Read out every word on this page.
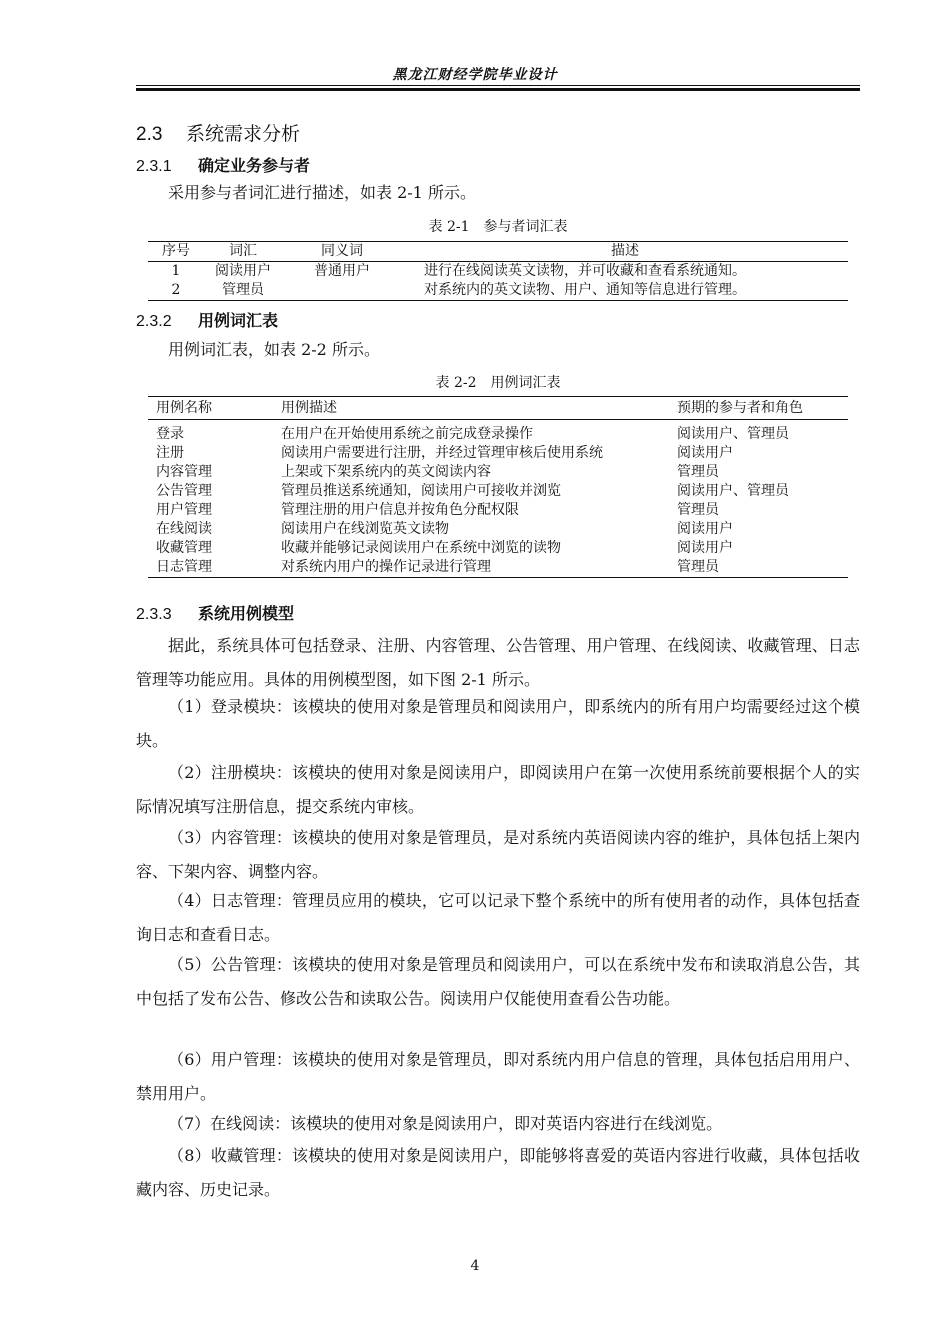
黑龙江财经学院毕业设计
2.3 系统需求分析
2.3.1 确定业务参与者
采用参与者词汇进行描述，如表 2-1 所示。
表 2-1　参与者词汇表
序号	词汇	同义词	描述
1	阅读用户	普通用户	进行在线阅读英文读物，并可收藏和查看系统通知。
2	管理员		对系统内的英文读物、用户、通知等信息进行管理。
2.3.2 用例词汇表
用例词汇表，如表 2-2 所示。
表 2-2　用例词汇表
用例名称	用例描述	预期的参与者和角色
登录	在用户在开始使用系统之前完成登录操作	阅读用户、管理员
注册	阅读用户需要进行注册，并经过管理审核后使用系统	阅读用户
内容管理	上架或下架系统内的英文阅读内容	管理员
公告管理	管理员推送系统通知，阅读用户可接收并浏览	阅读用户、管理员
用户管理	管理注册的用户信息并按角色分配权限	管理员
在线阅读	阅读用户在线浏览英文读物	阅读用户
收藏管理	收藏并能够记录阅读用户在系统中浏览的读物	阅读用户
日志管理	对系统内用户的操作记录进行管理	管理员
2.3.3 系统用例模型
据此，系统具体可包括登录、注册、内容管理、公告管理、用户管理、在线阅读、收藏管理、日志管理等功能应用。具体的用例模型图，如下图 2-1 所示。
（1）登录模块：该模块的使用对象是管理员和阅读用户，即系统内的所有用户均需要经过这个模块。
（2）注册模块：该模块的使用对象是阅读用户，即阅读用户在第一次使用系统前要根据个人的实际情况填写注册信息，提交系统内审核。
（3）内容管理：该模块的使用对象是管理员，是对系统内英语阅读内容的维护，具体包括上架内容、下架内容、调整内容。
（4）日志管理：管理员应用的模块，它可以记录下整个系统中的所有使用者的动作，具体包括查询日志和查看日志。
（5）公告管理：该模块的使用对象是管理员和阅读用户，可以在系统中发布和读取消息公告，其中包括了发布公告、修改公告和读取公告。阅读用户仅能使用查看公告功能。
（6）用户管理：该模块的使用对象是管理员，即对系统内用户信息的管理，具体包括启用用户、禁用用户。
（7）在线阅读：该模块的使用对象是阅读用户，即对英语内容进行在线浏览。
（8）收藏管理：该模块的使用对象是阅读用户，即能够将喜爱的英语内容进行收藏，具体包括收藏内容、历史记录。
4
